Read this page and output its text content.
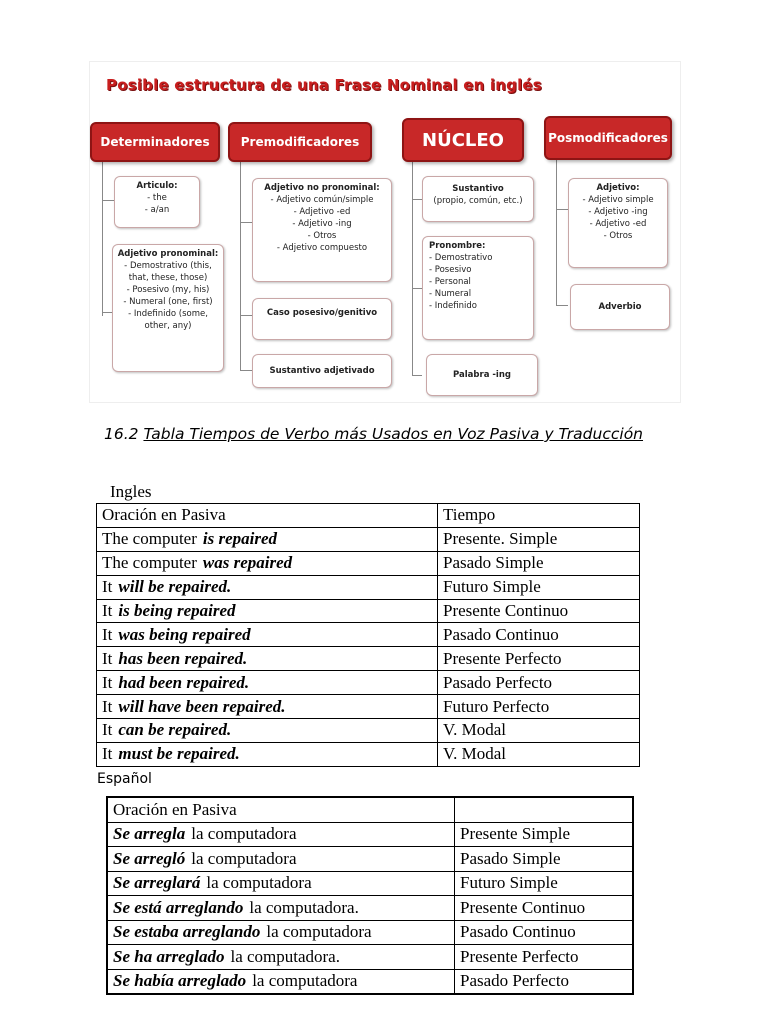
Posible estructura de una Frase Nominal en inglés
Determinadores	Premodificadores	NÚCLEO	Posmodificadores
Articulo:
- the
- a/an
Adjetivo pronominal:
- Demostrativo (this, that, these, those)
- Posesivo (my, his)
- Numeral (one, first)
- Indefinido (some, other, any)
Adjetivo no pronominal:
- Adjetivo común/simple
- Adjetivo -ed
- Adjetivo -ing
- Otros
- Adjetivo compuesto
Caso posesivo/genitivo
Sustantivo adjetivado
Sustantivo
(propio, común, etc.)
Pronombre:
- Demostrativo
- Posesivo
- Personal
- Numeral
- Indefinido
Palabra -ing
Adjetivo:
- Adjetivo simple
- Adjetivo -ing
- Adjetivo -ed
- Otros
Adverbio
16.2 Tabla Tiempos de Verbo más Usados en Voz Pasiva y Traducción
Ingles
Oración en Pasiva	Tiempo
The computer is repaired	Presente. Simple
The computer was repaired	Pasado Simple
It will be repaired.	Futuro Simple
It is being repaired	Presente Continuo
It was being repaired	Pasado Continuo
It has been repaired.	Presente Perfecto
It had been repaired.	Pasado Perfecto
It will have been repaired.	Futuro Perfecto
It can be repaired.	V. Modal
It must be repaired.	V. Modal
Español
Oración en Pasiva	
Se arregla la computadora	Presente Simple
Se arregló la computadora	Pasado Simple
Se arreglará la computadora	Futuro Simple
Se está arreglando la computadora.	Presente Continuo
Se estaba arreglando la computadora	Pasado Continuo
Se ha arreglado la computadora.	Presente Perfecto
Se había arreglado la computadora	Pasado Perfecto
